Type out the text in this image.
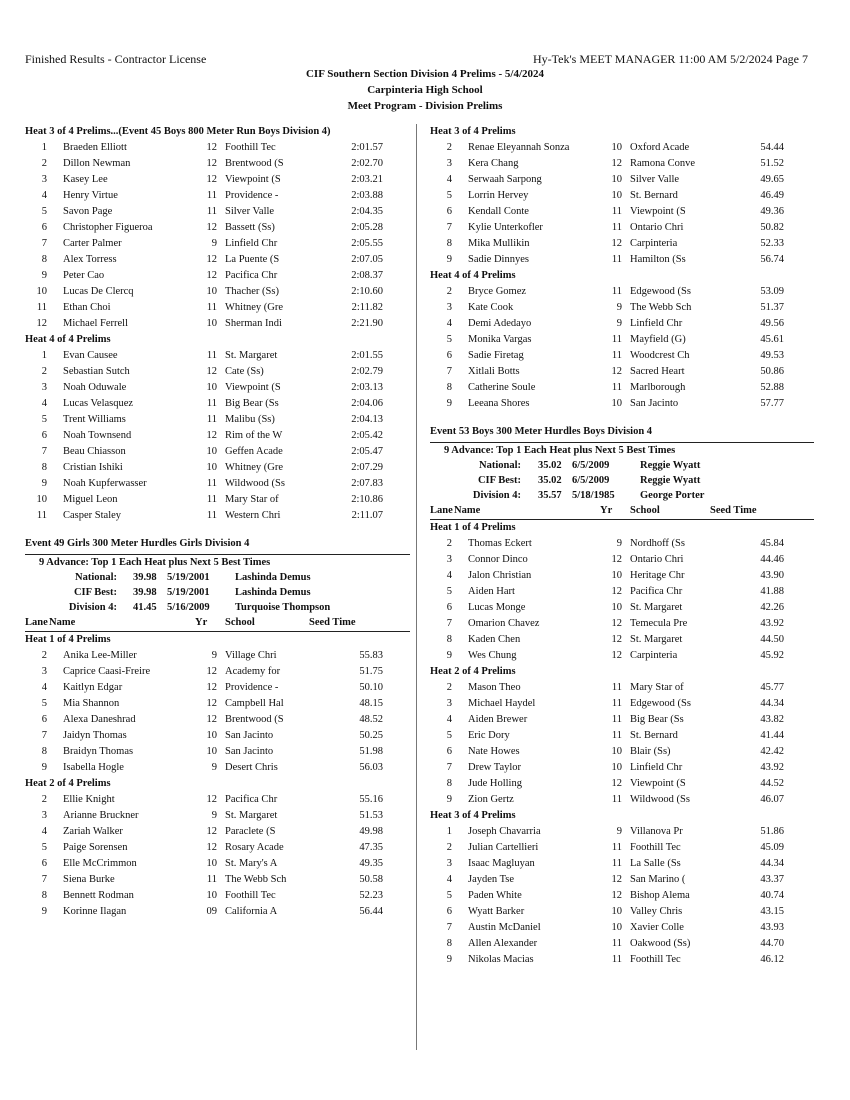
Finished Results - Contractor License	Hy-Tek's MEET MANAGER 11:00 AM 5/2/2024 Page 7
CIF Southern Section Division 4 Prelims - 5/4/2024
Carpinteria High School
Meet Program - Division Prelims
Heat 3 of 4 Prelims...(Event 45 Boys 800 Meter Run Boys Division 4)
1 Braeden Elliott	12 Foothill Tec	2:01.57
2 Dillon Newman	12 Brentwood (S	2:02.70
3 Kasey Lee	12 Viewpoint (S	2:03.21
4 Henry Virtue	11 Providence -	2:03.88
5 Savon Page	11 Silver Valle	2:04.35
6 Christopher Figueroa	12 Bassett (Ss)	2:05.28
7 Carter Palmer	9 Linfield Chr	2:05.55
8 Alex Torress	12 La Puente (S	2:07.05
9 Peter Cao	12 Pacifica Chr	2:08.37
10 Lucas De Clercq	10 Thacher (Ss)	2:10.60
11 Ethan Choi	11 Whitney (Gre	2:11.82
12 Michael Ferrell	10 Sherman Indi	2:21.90
Heat 4 of 4 Prelims
1 Evan Causee	11 St. Margaret	2:01.55
2 Sebastian Sutch	12 Cate (Ss)	2:02.79
3 Noah Oduwale	10 Viewpoint (S	2:03.13
4 Lucas Velasquez	11 Big Bear (Ss	2:04.06
5 Trent Williams	11 Malibu (Ss)	2:04.13
6 Noah Townsend	12 Rim of the W	2:05.42
7 Beau Chiasson	10 Geffen Acade	2:05.47
8 Cristian Ishiki	10 Whitney (Gre	2:07.29
9 Noah Kupferwasser	11 Wildwood (Ss	2:07.83
10 Miguel Leon	11 Mary Star of	2:10.86
11 Casper Staley	11 Western Chri	2:11.07
Event 49 Girls 300 Meter Hurdles Girls Division 4
9 Advance: Top 1 Each Heat plus Next 5 Best Times
National: 39.98 5/19/2001 Lashinda Demus
CIF Best: 39.98 5/19/2001 Lashinda Demus
Division 4: 41.45 5/16/2009 Turquoise Thompson
Lane Name	Yr School	Seed Time
Heat 1 of 4 Prelims
2 Anika Lee-Miller	9 Village Chri	55.83
3 Caprice Caasi-Freire	12 Academy for	51.75
4 Kaitlyn Edgar	12 Providence -	50.10
5 Mia Shannon	12 Campbell Hal	48.15
6 Alexa Daneshrad	12 Brentwood (S	48.52
7 Jaidyn Thomas	10 San Jacinto	50.25
8 Braidyn Thomas	10 San Jacinto	51.98
9 Isabella Hogle	9 Desert Chris	56.03
Heat 2 of 4 Prelims
2 Ellie Knight	12 Pacifica Chr	55.16
3 Arianne Bruckner	9 St. Margaret	51.53
4 Zariah Walker	12 Paraclete (S	49.98
5 Paige Sorensen	12 Rosary Acade	47.35
6 Elle McCrimmon	10 St. Mary's A	49.35
7 Siena Burke	11 The Webb Sch	50.58
8 Bennett Rodman	10 Foothill Tec	52.23
9 Korinne Ilagan	09 California A	56.44
Heat 3 of 4 Prelims
2 Renae Eleyannah Sonza	10 Oxford Acade	54.44
3 Kera Chang	12 Ramona Conve	51.52
4 Serwaah Sarpong	10 Silver Valle	49.65
5 Lorrin Hervey	10 St. Bernard	46.49
6 Kendall Conte	11 Viewpoint (S	49.36
7 Kylie Unterkofler	11 Ontario Chri	50.82
8 Mika Mullikin	12 Carpinteria	52.33
9 Sadie Dinnyes	11 Hamilton (Ss	56.74
Heat 4 of 4 Prelims
2 Bryce Gomez	11 Edgewood (Ss	53.09
3 Kate Cook	9 The Webb Sch	51.37
4 Demi Adedayo	9 Linfield Chr	49.56
5 Monika Vargas	11 Mayfield (G)	45.61
6 Sadie Firetag	11 Woodcrest Ch	49.53
7 Xitlali Botts	12 Sacred Heart	50.86
8 Catherine Soule	11 Marlborough	52.88
9 Leeana Shores	10 San Jacinto	57.77
Event 53 Boys 300 Meter Hurdles Boys Division 4
9 Advance: Top 1 Each Heat plus Next 5 Best Times
National: 35.02 6/5/2009	Reggie Wyatt
CIF Best: 35.02 6/5/2009	Reggie Wyatt
Division 4: 35.57 5/18/1985 George Porter
Lane Name	Yr School	Seed Time
Heat 1 of 4 Prelims
2 Thomas Eckert	9 Nordhoff (Ss	45.84
3 Connor Dinco	12 Ontario Chri	44.46
4 Jalon Christian	10 Heritage Chr	43.90
5 Aiden Hart	12 Pacifica Chr	41.88
6 Lucas Monge	10 St. Margaret	42.26
7 Omarion Chavez	12 Temecula Pre	43.92
8 Kaden Chen	12 St. Margaret	44.50
9 Wes Chung	12 Carpinteria	45.92
Heat 2 of 4 Prelims
2 Mason Theo	11 Mary Star of	45.77
3 Michael Haydel	11 Edgewood (Ss	44.34
4 Aiden Brewer	11 Big Bear (Ss	43.82
5 Eric Dory	11 St. Bernard	41.44
6 Nate Howes	10 Blair (Ss)	42.42
7 Drew Taylor	10 Linfield Chr	43.92
8 Jude Holling	12 Viewpoint (S	44.52
9 Zion Gertz	11 Wildwood (Ss	46.07
Heat 3 of 4 Prelims
1 Joseph Chavarria	9 Villanova Pr	51.86
2 Julian Cartellieri	11 Foothill Tec	45.09
3 Isaac Magluyan	11 La Salle (Ss	44.34
4 Jayden Tse	12 San Marino (	43.37
5 Paden White	12 Bishop Alema	40.74
6 Wyatt Barker	10 Valley Chris	43.15
7 Austin McDaniel	10 Xavier Colle	43.93
8 Allen Alexander	11 Oakwood (Ss)	44.70
9 Nikolas Macias	11 Foothill Tec	46.12
